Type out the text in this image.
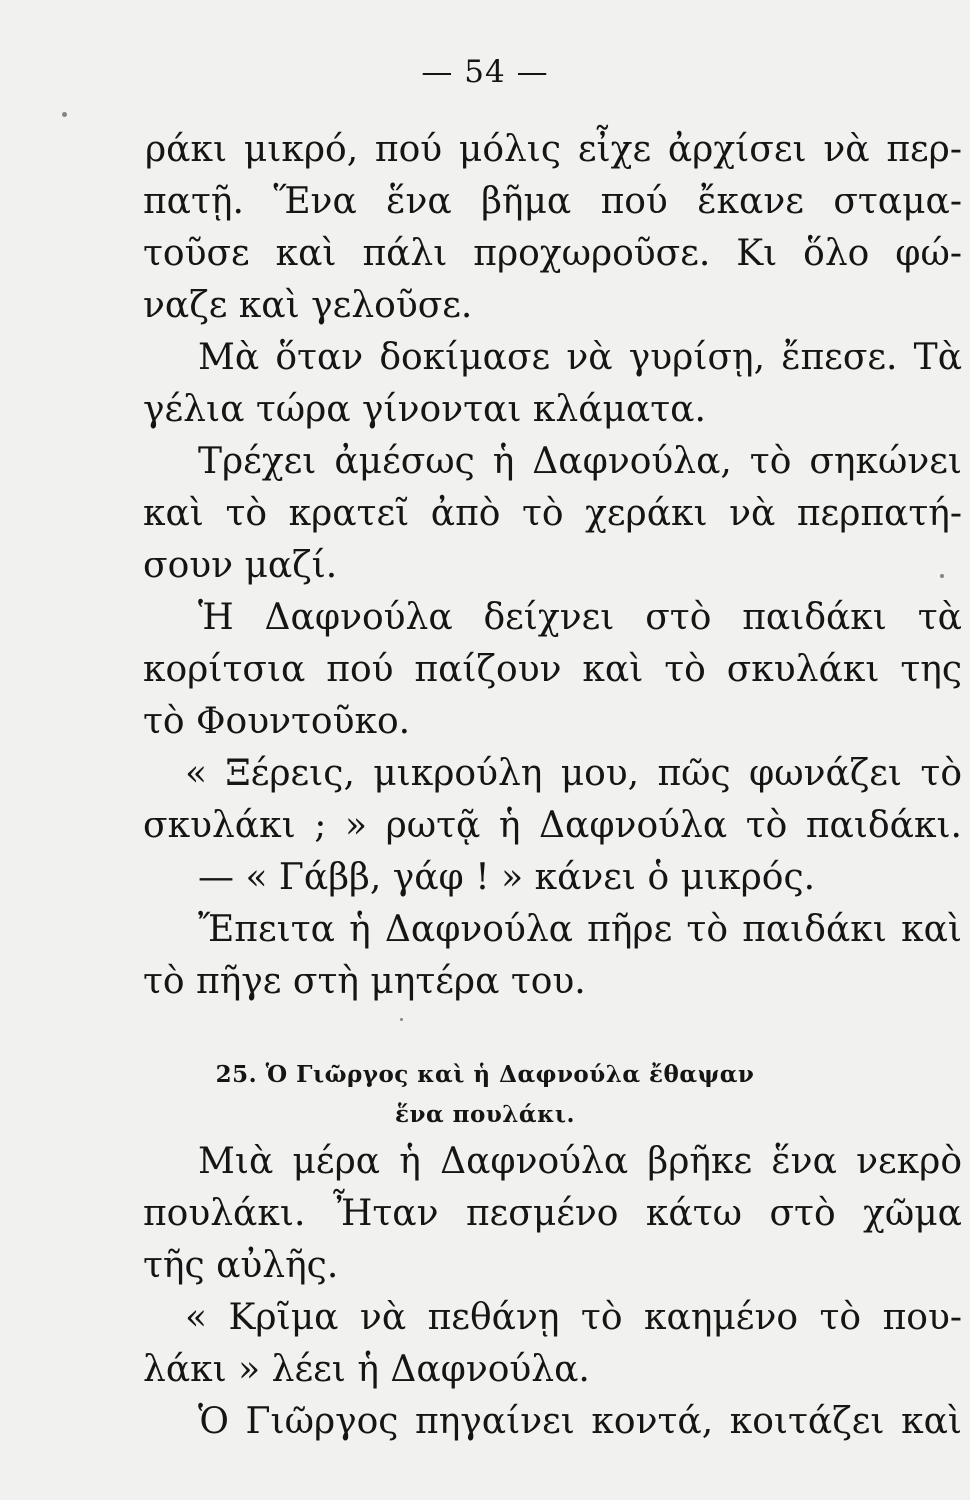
— 54 —
ράκι μικρό, πού μόλις εἶχε ἀρχίσει νὰ περ-
πατῇ. Ἕνα ἕνα βῆμα πού ἔκανε σταμα-
τοῦσε καὶ πάλι προχωροῦσε. Κι ὅλο φώ-
ναζε καὶ γελοῦσε.
Μὰ ὅταν δοκίμασε νὰ γυρίσῃ, ἔπεσε. Τὰ
γέλια τώρα γίνονται κλάματα.
Τρέχει ἀμέσως ἡ Δαφνούλα, τὸ σηκώνει
καὶ τὸ κρατεῖ ἀπὸ τὸ χεράκι νὰ περπατή-
σουν μαζί.
Ἡ Δαφνούλα δείχνει στὸ παιδάκι τὰ
κορίτσια πού παίζουν καὶ τὸ σκυλάκι της
τὸ Φουντοῦκο.
« Ξέρεις, μικρούλη μου, πῶς φωνάζει τὸ
σκυλάκι ; » ρωτᾷ ἡ Δαφνούλα τὸ παιδάκι.
— « Γάββ, γάφ ! » κάνει ὁ μικρός.
Ἔπειτα ἡ Δαφνούλα πῆρε τὸ παιδάκι καὶ
τὸ πῆγε στὴ μητέρα του.
25. Ὁ Γιῶργος καὶ ἡ Δαφνούλα ἔθαψαν
ἕνα πουλάκι.
Μιὰ μέρα ἡ Δαφνούλα βρῆκε ἕνα νεκρὸ
πουλάκι. Ἦταν πεσμένο κάτω στὸ χῶμα
τῆς αὐλῆς.
« Κρῖμα νὰ πεθάνῃ τὸ καημένο τὸ που-
λάκι » λέει ἡ Δαφνούλα.
Ὁ Γιῶργος πηγαίνει κοντά, κοιτάζει καὶ
